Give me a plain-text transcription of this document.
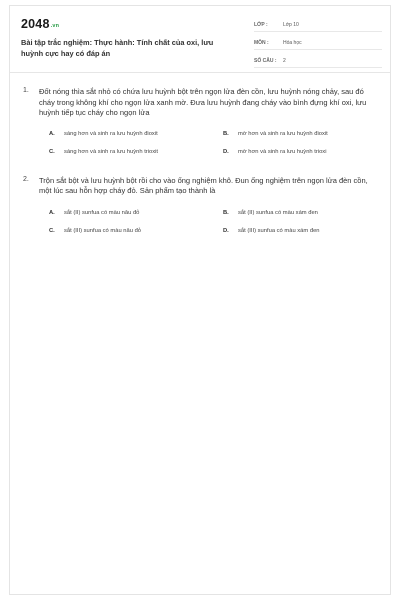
2048.vn
Bài tập trắc nghiệm: Thực hành: Tính chất của oxi, lưu huỳnh cực hay có đáp án
LỚP :	Lớp 10
MÔN :	Hóa học
SỐ CÂU :	2
1. Đốt nóng thìa sắt nhỏ có chứa lưu huỳnh bột trên ngọn lửa đèn cồn, lưu huỳnh nóng chảy, sau đó cháy trong không khí cho ngọn lửa xanh mờ. Đưa lưu huỳnh đang cháy vào bình đựng khí oxi, lưu huỳnh tiếp tục cháy cho ngọn lửa
A.	sáng hơn và sinh ra lưu huỳnh đioxit	B.	mờ hơn và sinh ra lưu huỳnh đioxit
C.	sáng hơn và sinh ra lưu huỳnh trioxit	D.	mờ hơn và sinh ra lưu huỳnh trioxi
2. Trộn sắt bột và lưu huỳnh bột rồi cho vào ống nghiệm khô. Đun ống nghiệm trên ngọn lửa đèn cồn, một lúc sau hỗn hợp cháy đỏ. Sản phẩm tạo thành là
A.	sắt (II) sunfua có màu nâu đỏ	B.	sắt (II) sunfua có màu xám đen
C.	sắt (III) sunfua có màu nâu đỏ	D.	sắt (III) sunfua có màu xám đen
